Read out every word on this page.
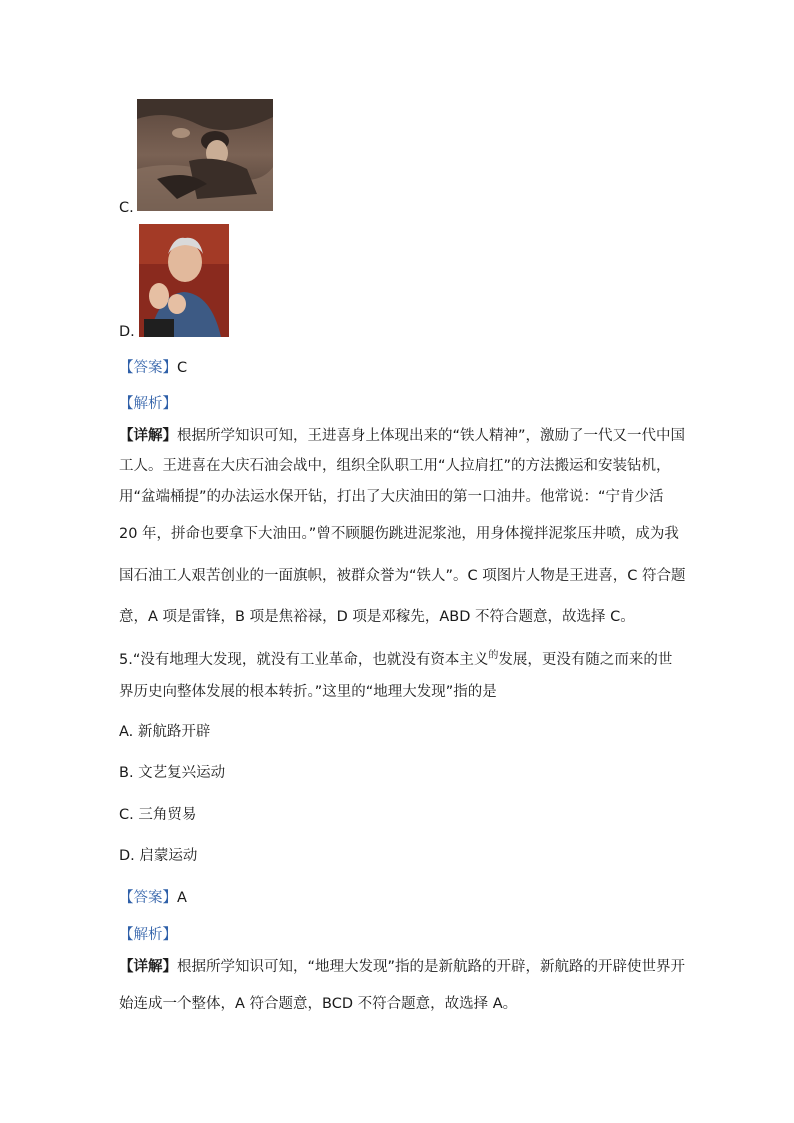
C.
D.
【答案】C
【解析】
【详解】根据所学知识可知，王进喜身上体现出来的“铁人精神”，激励了一代又一代中国
工人。王进喜在大庆石油会战中，组织全队职工用“人拉肩扛”的方法搬运和安装钻机，
用“盆端桶提”的办法运水保开钻，打出了大庆油田的第一口油井。他常说：“宁肯少活
20 年，拼命也要拿下大油田。”曾不顾腿伤跳进泥浆池，用身体搅拌泥浆压井喷，成为我
国石油工人艰苦创业的一面旗帜，被群众誉为“铁人”。C 项图片人物是王进喜，C 符合题
意，A 项是雷锋，B 项是焦裕禄，D 项是邓稼先，ABD 不符合题意，故选择 C。
5.“没有地理大发现，就没有工业革命，也就没有资本主义$^的$发展，更没有随之而来的世
界历史向整体发展的根本转折。”这里的“地理大发现”指的是
A. 新航路开辟
B. 文艺复兴运动
C. 三角贸易
D. 启蒙运动
【答案】A
【解析】
【详解】根据所学知识可知，“地理大发现”指的是新航路的开辟，新航路的开辟使世界开
始连成一个整体，A 符合题意，BCD 不符合题意，故选择 A。
